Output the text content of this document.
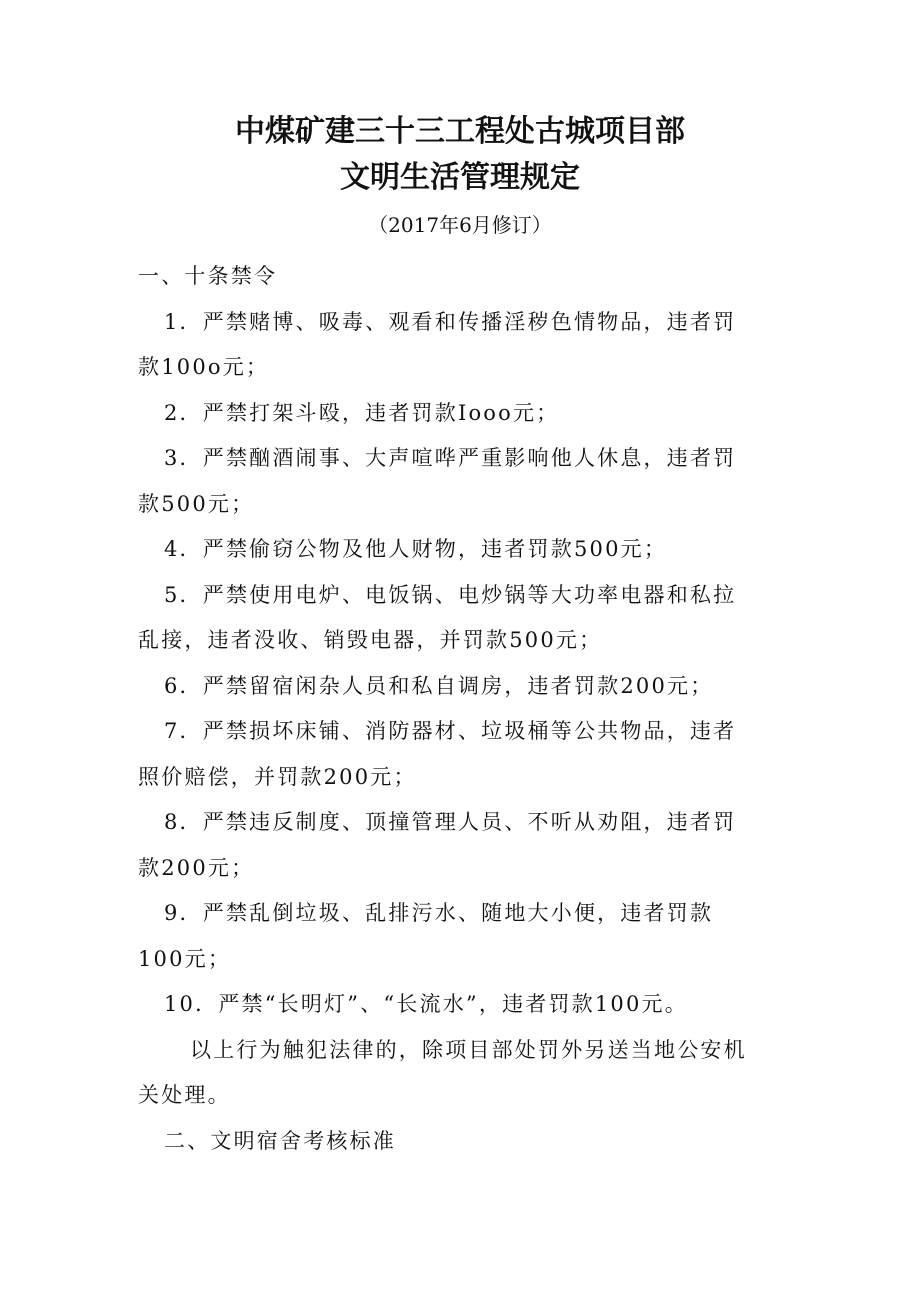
中煤矿建三十三工程处古城项目部
文明生活管理规定
（2017年6月修订）

一、十条禁令

1．严禁赌博、吸毒、观看和传播淫秽色情物品，违者罚款100o元；

2．严禁打架斗殴，违者罚款Iooo元；

3．严禁酗酒闹事、大声喧哗严重影响他人休息，违者罚款500元；

4．严禁偷窃公物及他人财物，违者罚款500元；

5．严禁使用电炉、电饭锅、电炒锅等大功率电器和私拉乱接，违者没收、销毁电器，并罚款500元；

6．严禁留宿闲杂人员和私自调房，违者罚款200元；

7．严禁损坏床铺、消防器材、垃圾桶等公共物品，违者照价赔偿，并罚款200元；

8．严禁违反制度、顶撞管理人员、不听从劝阻，违者罚款200元；

9．严禁乱倒垃圾、乱排污水、随地大小便，违者罚款100元；

10．严禁“长明灯”、“长流水”，违者罚款100元。

以上行为触犯法律的，除项目部处罚外另送当地公安机关处理。

二、文明宿舍考核标准
